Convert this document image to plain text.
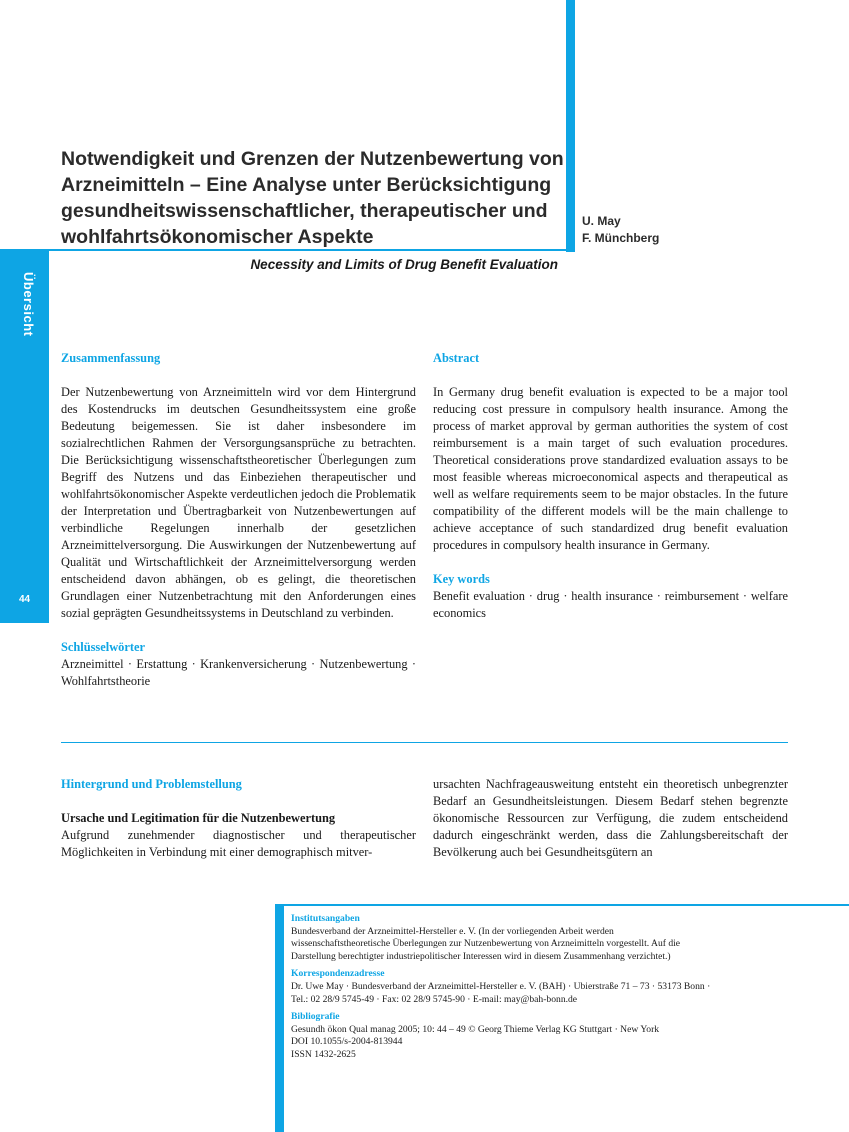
Übersicht
44
Notwendigkeit und Grenzen der Nutzenbewertung von Arzneimitteln – Eine Analyse unter Berücksichtigung gesundheitswissenschaftlicher, therapeutischer und wohlfahrtsökonomischer Aspekte
Necessity and Limits of Drug Benefit Evaluation
U. May
F. Münchberg
Zusammenfassung
Der Nutzenbewertung von Arzneimitteln wird vor dem Hintergrund des Kostendrucks im deutschen Gesundheitssystem eine große Bedeutung beigemessen. Sie ist daher insbesondere im sozialrechtlichen Rahmen der Versorgungsansprüche zu betrachten. Die Berücksichtigung wissenschaftstheoretischer Überlegungen zum Begriff des Nutzens und das Einbeziehen therapeutischer und wohlfahrtsökonomischer Aspekte verdeutlichen jedoch die Problematik der Interpretation und Übertragbarkeit von Nutzenbewertungen auf verbindliche Regelungen innerhalb der gesetzlichen Arzneimittelversorgung. Die Auswirkungen der Nutzenbewertung auf Qualität und Wirtschaftlichkeit der Arzneimittelversorgung werden entscheidend davon abhängen, ob es gelingt, die theoretischen Grundlagen einer Nutzenbetrachtung mit den Anforderungen eines sozial geprägten Gesundheitssystems in Deutschland zu verbinden.
Schlüsselwörter
Arzneimittel · Erstattung · Krankenversicherung · Nutzenbewertung · Wohlfahrtstheorie
Abstract
In Germany drug benefit evaluation is expected to be a major tool reducing cost pressure in compulsory health insurance. Among the process of market approval by german authorities the system of cost reimbursement is a main target of such evaluation procedures. Theoretical considerations prove standardized evaluation assays to be most feasible whereas microeconomical aspects and therapeutical as well as welfare requirements seem to be major obstacles. In the future compatibility of the different models will be the main challenge to achieve acceptance of such standardized drug benefit evaluation procedures in compulsory health insurance in Germany.
Key words
Benefit evaluation · drug · health insurance · reimbursement · welfare economics
Hintergrund und Problemstellung
Ursache und Legitimation für die Nutzenbewertung
Aufgrund zunehmender diagnostischer und therapeutischer Möglichkeiten in Verbindung mit einer demographisch mitver-
ursachten Nachfrageausweitung entsteht ein theoretisch unbegrenzter Bedarf an Gesundheitsleistungen. Diesem Bedarf stehen begrenzte ökonomische Ressourcen zur Verfügung, die zudem entscheidend dadurch eingeschränkt werden, dass die Zahlungsbereitschaft der Bevölkerung auch bei Gesundheitsgütern an
Institutsangaben

Bundesverband der Arzneimittel-Hersteller e. V. (In der vorliegenden Arbeit werden

wissenschaftstheoretische Überlegungen zur Nutzenbewertung von Arzneimitteln vorgestellt. Auf die

Darstellung berechtigter industriepolitischer Interessen wird in diesem Zusammenhang verzichtet.)

Korrespondenzadresse

Dr. Uwe May · Bundesverband der Arzneimittel-Hersteller e. V. (BAH) · Ubierstraße 71 – 73 · 53173 Bonn ·

Tel.: 02 28/9 5745-49 · Fax: 02 28/9 5745-90 · E-mail: may@bah-bonn.de

Bibliografie

Gesundh ökon Qual manag 2005; 10: 44 – 49 © Georg Thieme Verlag KG Stuttgart · New York

DOI 10.1055/s-2004-813944

ISSN 1432-2625
